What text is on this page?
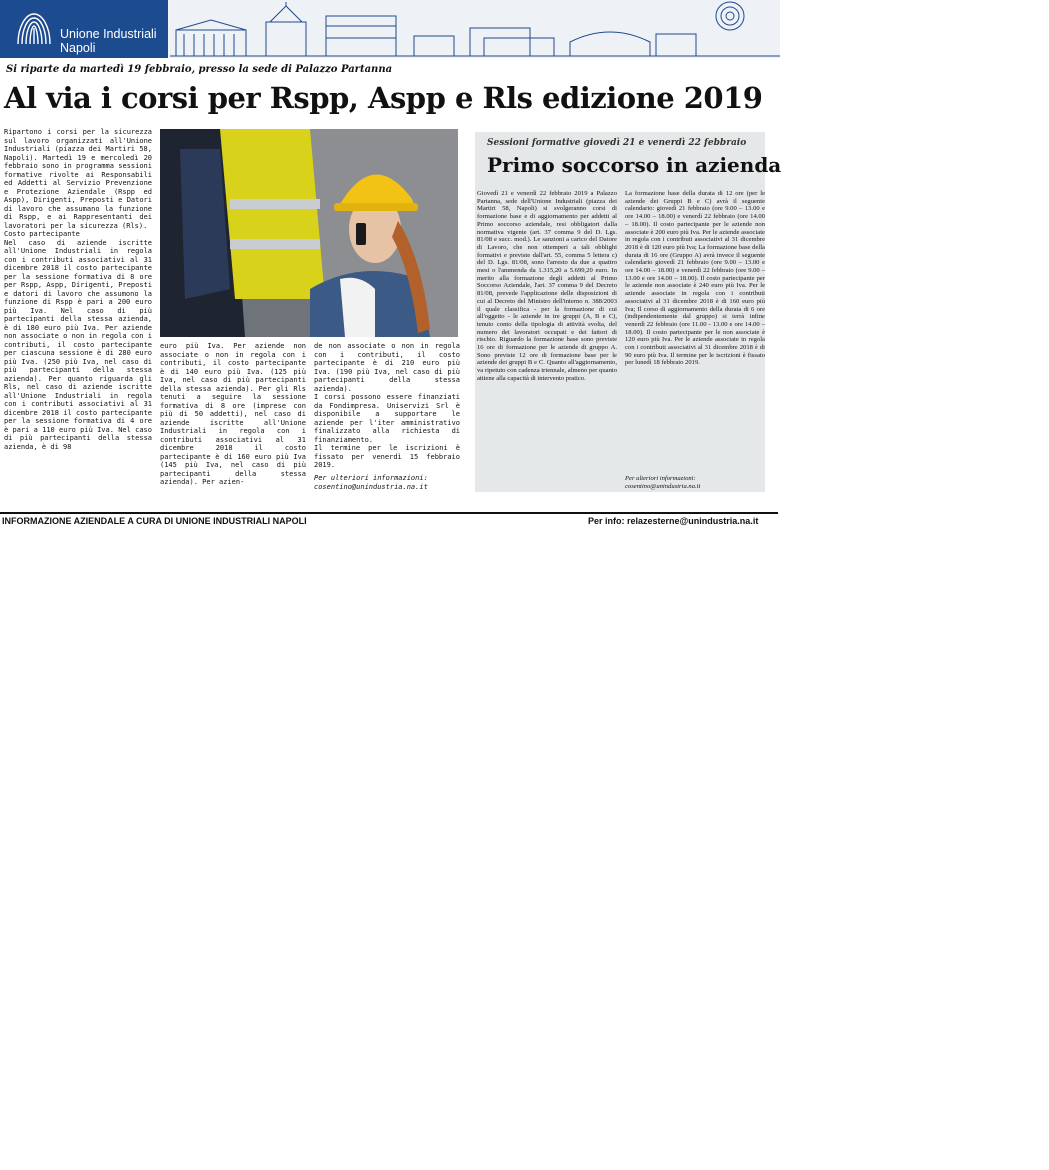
Unione Industriali
Napoli
Si riparte da martedì 19 febbraio, presso la sede di Palazzo Partanna
Al via i corsi per Rspp, Aspp e Rls edizione 2019
Ripartono i corsi per la sicurezza sul lavoro organizzati all'Unione Industriali (piazza dei Martiri 58, Napoli). Martedì 19 e mercoledì 20 febbraio sono in programma sessioni formative rivolte ai Responsabili ed Addetti al Servizio Prevenzione e Protezione Aziendale (Rspp ed Aspp), Dirigenti, Preposti e Datori di lavoro che assumano la funzione di Rspp, e ai Rappresentanti dei lavoratori per la sicurezza (Rls).
Costo partecipante
Nel caso di aziende iscritte all'Unione Industriali in regola con i contributi associativi al 31 dicembre 2018 il costo partecipante per la sessione formativa di 8 ore per Rspp, Aspp, Dirigenti, Preposti e datori di lavoro che assumono la funzione di Rspp è pari a 200 euro più Iva. Nel caso di più partecipanti della stessa azienda, è di 180 euro più Iva. Per aziende non associate o non in regola con i contributi, il costo partecipante per ciascuna sessione è di 280 euro più Iva. (250 più Iva, nel caso di più partecipanti della stessa azienda). Per quanto riguarda gli Rls, nel caso di aziende iscritte all'Unione Industriali in regola con i contributi associativi al 31 dicembre 2018 il costo partecipante per la sessione formativa di 4 ore è pari a 110 euro più Iva. Nel caso di più partecipanti della stessa azienda, è di 98
euro più Iva. Per aziende non associate o non in regola con i contributi, il costo partecipante è di 140 euro più Iva. (125 più Iva, nel caso di più partecipanti della stessa azienda). Per gli Rls tenuti a seguire la sessione formativa di 8 ore (imprese con più di 50 addetti), nel caso di aziende iscritte all'Unione Industriali in regola con i contributi associativi al 31 dicembre 2018 il costo partecipante è di 160 euro più Iva (145 più Iva, nel caso di più partecipanti della stessa azienda). Per azien-
de non associate o non in regola con i contributi, il costo partecipante è di 210 euro più Iva. (190 più Iva, nel caso di più partecipanti della stessa azienda).
I corsi possono essere finanziati da Fondimpresa. Uniservizi Srl è disponibile a supportare le aziende per l'iter amministrativo finalizzato alla richiesta di finanziamento.
Il termine per le iscrizioni è fissato per venerdì 15 febbraio 2019.
Per ulteriori informazioni:
cosentino@unindustria.na.it
Sessioni formative giovedì 21 e venerdì 22 febbraio
Primo soccorso in azienda
Giovedì 21 e venerdì 22 febbraio 2019 a Palazzo Partanna, sede dell'Unione Industriali (piazza dei Martiri 58, Napoli) si svolgeranno corsi di formazione base e di aggiornamento per addetti al Primo soccorso aziendale, resi obbligatori dalla normativa vigente (art. 37 comma 9 del D. Lgs. 81/08 e succ. mod.). Le sanzioni a carico del Datore di Lavoro, che non ottemperi a tali obblighi formativi e previste dall'art. 55, comma 5 lettera c) del D. Lgs. 81/08, sono l'arresto da due a quattro mesi o l'ammenda da 1.315,20 a 5.699,20 euro. In merito alla formazione degli addetti al Primo Soccorso Aziendale, l'art. 37 comma 9 del Decreto 81/08, prevede l'applicazione delle disposizioni di cui al Decreto del Ministro dell'interno n. 388/2003 il quale classifica - per la formazione di cui all'oggetto - le aziende in tre gruppi (A, B e C), tenuto conto della tipologia di attività svolta, del numero dei lavoratori occupati e dei fattori di rischio. Riguardo la formazione base sono previste 16 ore di formazione per le aziende di gruppo A. Sono previste 12 ore di formazione base per le aziende dei gruppi B e C. Quanto all'aggiornamento, va ripetuto con cadenza triennale, almeno per quanto attiene alla capacità di intervento pratico.
La formazione base della durata di 12 ore (per le aziende dei Gruppi B e C) avrà il seguente calendario: giovedì 21 febbraio (ore 9.00 – 13.00 e ore 14.00 – 18.00) e venerdì 22 febbraio (ore 14.00 – 18.00). Il costo partecipante per le aziende non associate è 200 euro più Iva. Per le aziende associate in regola con i contributi associativi al 31 dicembre 2018 è di 120 euro più Iva; La formazione base della durata di 16 ore (Gruppo A) avrà invece il seguente calendario giovedì 21 febbraio (ore 9.00 – 13.00 e ore 14.00 – 18.00) e venerdì 22 febbraio (ore 9.00 – 13.00 e ore 14.00 – 18.00). Il costo partecipante per le aziende non associate è 240 euro più Iva. Per le aziende associate in regola con i contributi associativi al 31 dicembre 2018 è di 160 euro più Iva; Il corso di aggiornamento della durata di 6 ore (indipendentemente dal gruppo) si terrà infine venerdì 22 febbraio (ore 11.00 - 13.00 e ore 14.00 – 18.00). Il costo partecipante per le non associate è 120 euro più Iva. Per le aziende associate in regola con i contributi associativi al 31 dicembre 2018 è di 90 euro più Iva. Il termine per le iscrizioni è fissato per lunedì 18 febbraio 2019.
Per ulteriori informazioni:
cosentino@unindustria.na.it
INFORMAZIONE AZIENDALE A CURA DI UNIONE INDUSTRIALI NAPOLI	Per info: relazesterne@unindustria.na.it
